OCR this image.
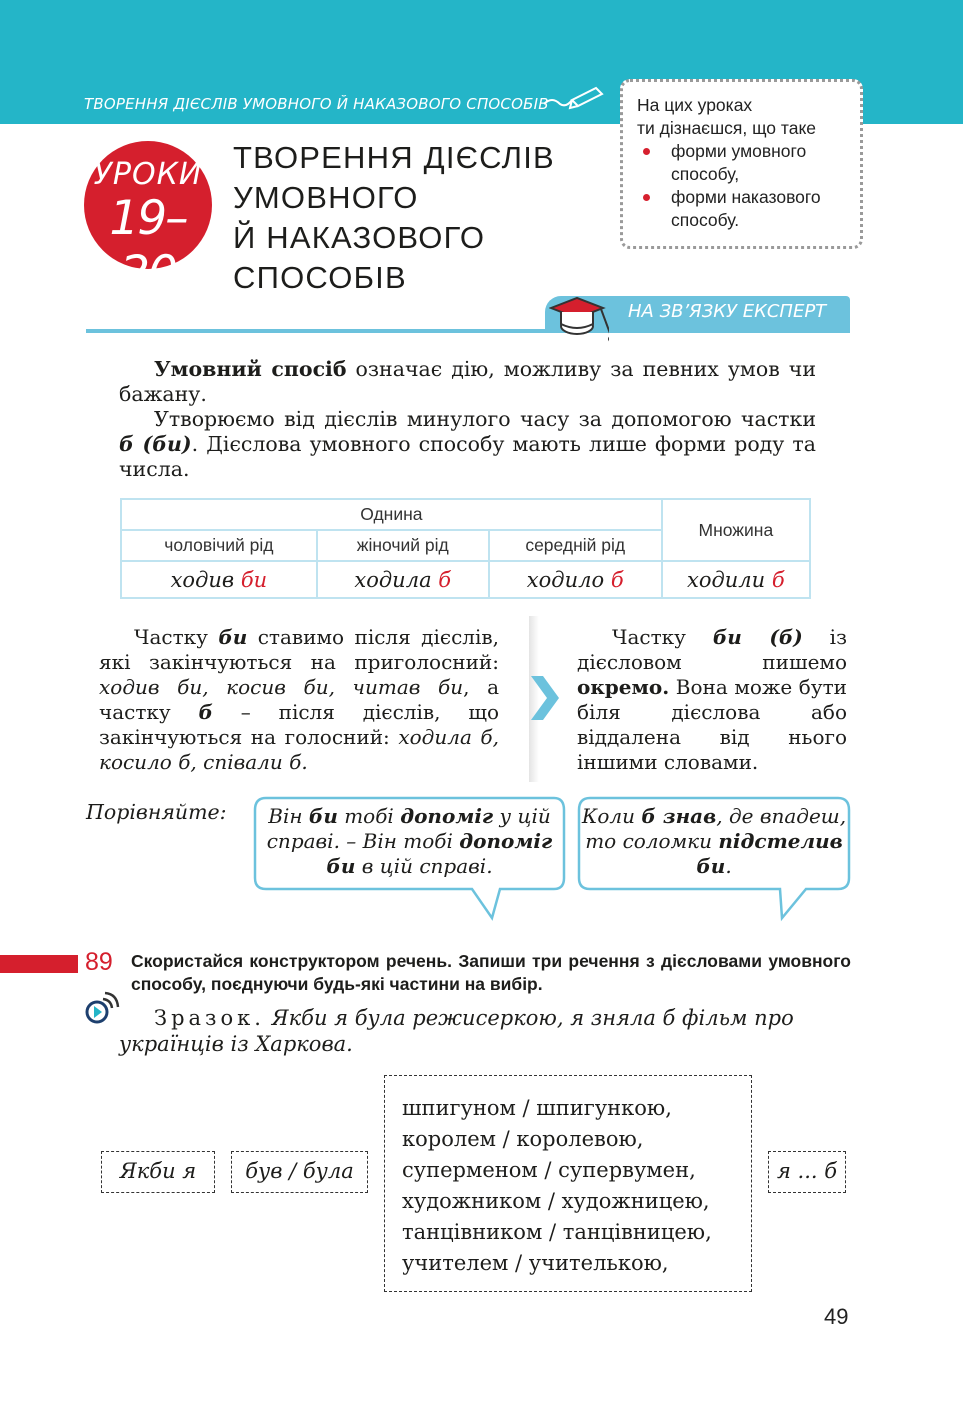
ТВОРЕННЯ ДІЄСЛІВ УМОВНОГО Й НАКАЗОВОГО СПОСОБІВ	На цих уроках
ти дізнаєшся, що таке
форми умовного способу,
форми наказового способу.
УРОКИ
19–20
ТВОРЕННЯ ДІЄСЛІВ
УМОВНОГО
Й НАКАЗОВОГО
СПОСОБІВ
НА ЗВ’ЯЗКУ ЕКСПЕРТ
Умовний спосіб означає дію, можливу за певних умов чи бажану.
Утворюємо від дієслів минулого часу за допомогою частки б (би). Дієслова умовного способу мають лише форми роду та числа.
Однина			Множина
чоловічий рід	жіночий рід	середній рід	
ходив би	ходила б	ходило б	ходили б
Частку би ставимо після дієслів, які закінчуються на приголосний: ходив би, косив би, читав би, а частку б – після дієслів, що закінчуються на голосний: ходила б, косило б, співали б.
Частку би (б) із дієсловом пишемо окремо. Вона може бути біля дієслова або віддалена від нього іншими словами.
Порівняйте:	Він би тобі допоміг у цій справі. – Він тобі допоміг би в цій справі.
Коли б знав, де впадеш, то соломки підстелив би.
89 Скористайся конструктором речень. Запиши три речення з дієсловами умовного способу, поєднуючи будь-які частини на вибір.
Зразок. Якби я була режисеркою, я зняла б фільм про українців із Харкова.
Якби я	був / була
шпигуном / шпигункою,
королем / королевою,
суперменом / супервумен,
художником / художницею,
танцівником / танцівницею,
учителем / учителькою,
я ... б
49
